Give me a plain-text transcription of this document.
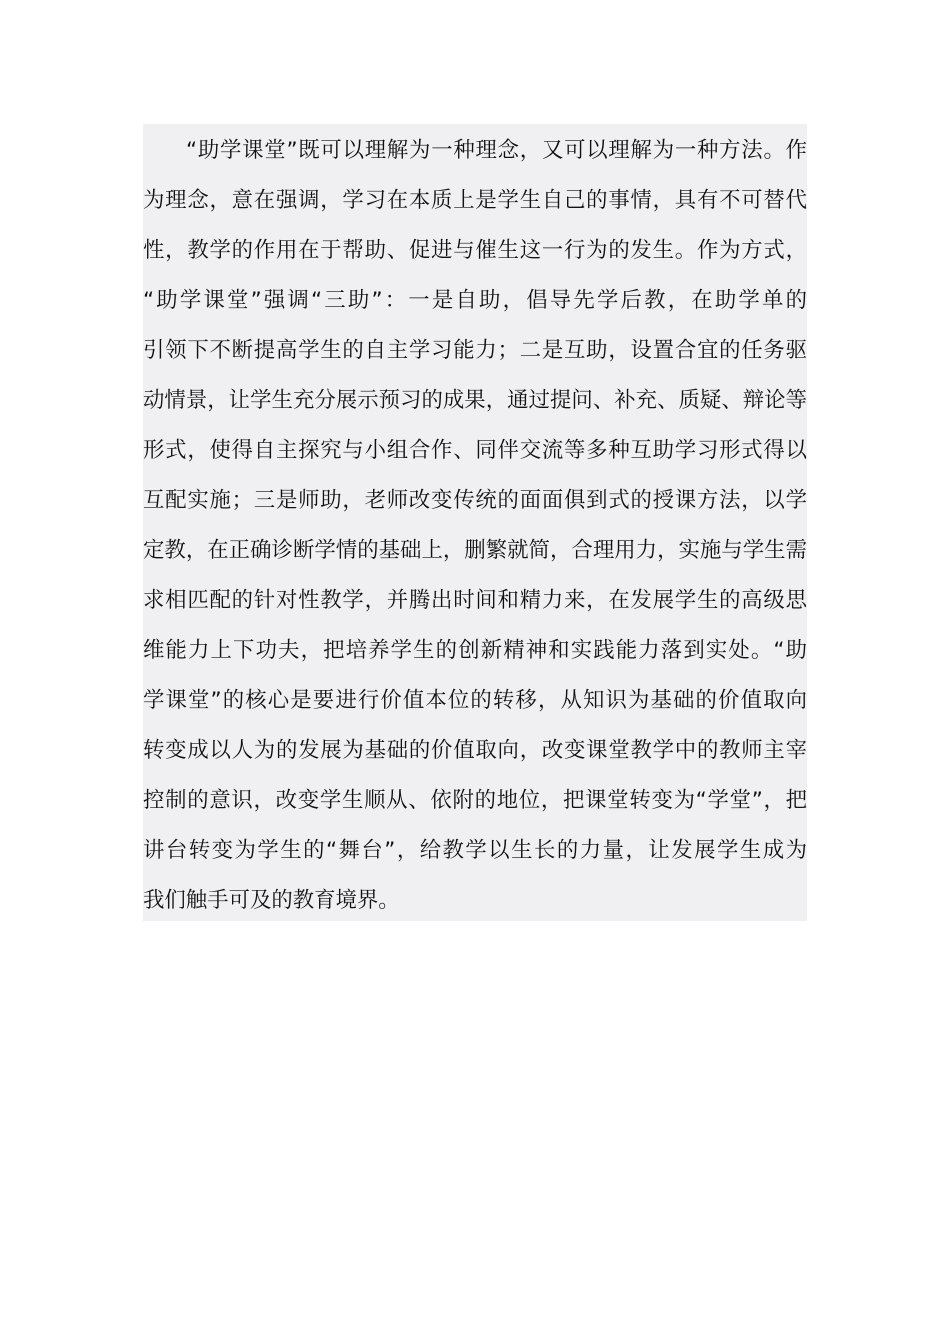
“助学课堂”既可以理解为一种理念，又可以理解为一种方法。作
为理念，意在强调，学习在本质上是学生自己的事情，具有不可替代
性，教学的作用在于帮助、促进与催生这一行为的发生。作为方式，
“助学课堂”强调“三助”：一是自助，倡导先学后教，在助学单的
引领下不断提高学生的自主学习能力；二是互助，设置合宜的任务驱
动情景，让学生充分展示预习的成果，通过提问、补充、质疑、辩论等
形式，使得自主探究与小组合作、同伴交流等多种互助学习形式得以
互配实施；三是师助，老师改变传统的面面俱到式的授课方法，以学
定教，在正确诊断学情的基础上，删繁就简，合理用力，实施与学生需
求相匹配的针对性教学，并腾出时间和精力来，在发展学生的高级思
维能力上下功夫，把培养学生的创新精神和实践能力落到实处。“助
学课堂”的核心是要进行价值本位的转移，从知识为基础的价值取向
转变成以人为的发展为基础的价值取向，改变课堂教学中的教师主宰
控制的意识，改变学生顺从、依附的地位，把课堂转变为“学堂”，把
讲台转变为学生的“舞台”，给教学以生长的力量，让发展学生成为
我们触手可及的教育境界。
